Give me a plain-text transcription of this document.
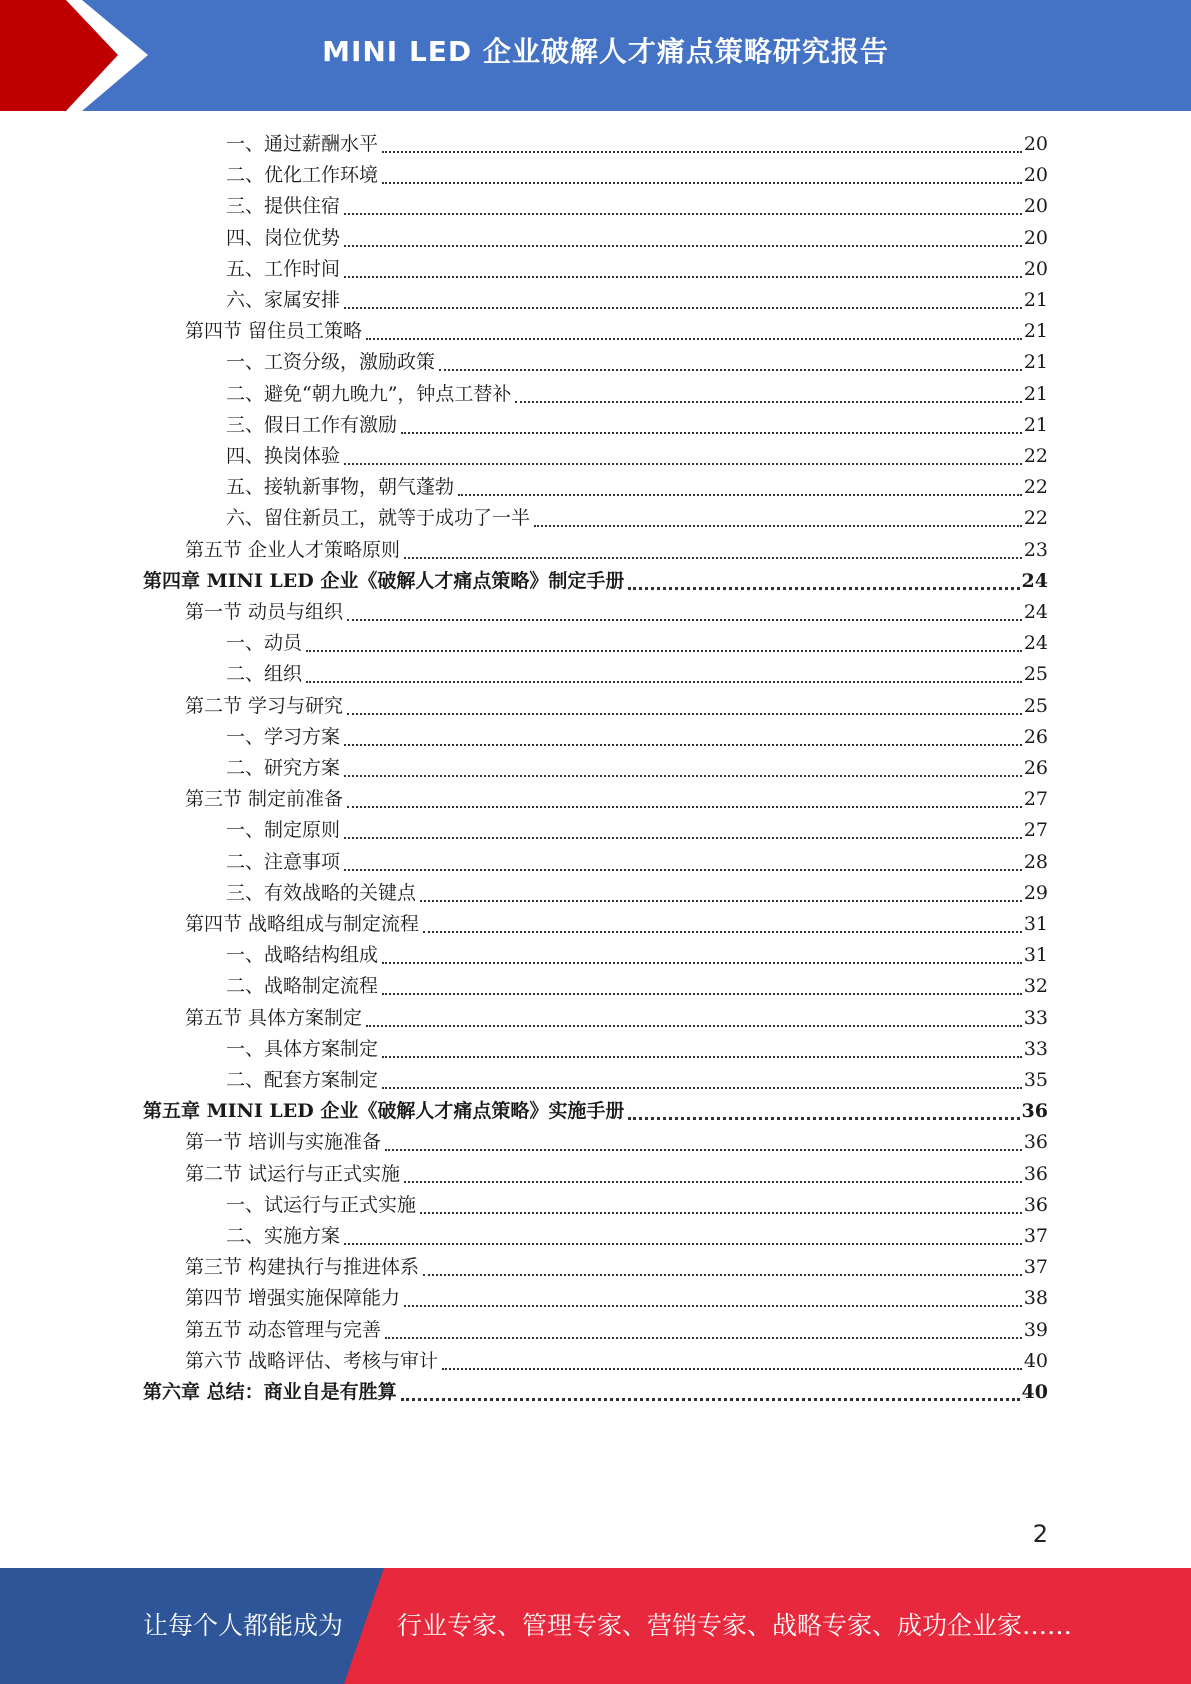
MINI LED 企业破解人才痛点策略研究报告
一、通过薪酬水平	20
二、优化工作环境	20
三、提供住宿	20
四、岗位优势	20
五、工作时间	20
六、家属安排	21
第四节 留住员工策略	21
一、工资分级，激励政策	21
二、避免“朝九晚九”，钟点工替补	21
三、假日工作有激励	21
四、换岗体验	22
五、接轨新事物，朝气蓬勃	22
六、留住新员工，就等于成功了一半	22
第五节 企业人才策略原则	23
第四章 MINI LED 企业《破解人才痛点策略》制定手册	24
第一节 动员与组织	24
一、动员	24
二、组织	25
第二节 学习与研究	25
一、学习方案	26
二、研究方案	26
第三节 制定前准备	27
一、制定原则	27
二、注意事项	28
三、有效战略的关键点	29
第四节 战略组成与制定流程	31
一、战略结构组成	31
二、战略制定流程	32
第五节 具体方案制定	33
一、具体方案制定	33
二、配套方案制定	35
第五章 MINI LED 企业《破解人才痛点策略》实施手册	36
第一节 培训与实施准备	36
第二节 试运行与正式实施	36
一、试运行与正式实施	36
二、实施方案	37
第三节 构建执行与推进体系	37
第四节 增强实施保障能力	38
第五节 动态管理与完善	39
第六节 战略评估、考核与审计	40
第六章 总结：商业自是有胜算	40
2
让每个人都能成为 行业专家、管理专家、营销专家、战略专家、成功企业家……
